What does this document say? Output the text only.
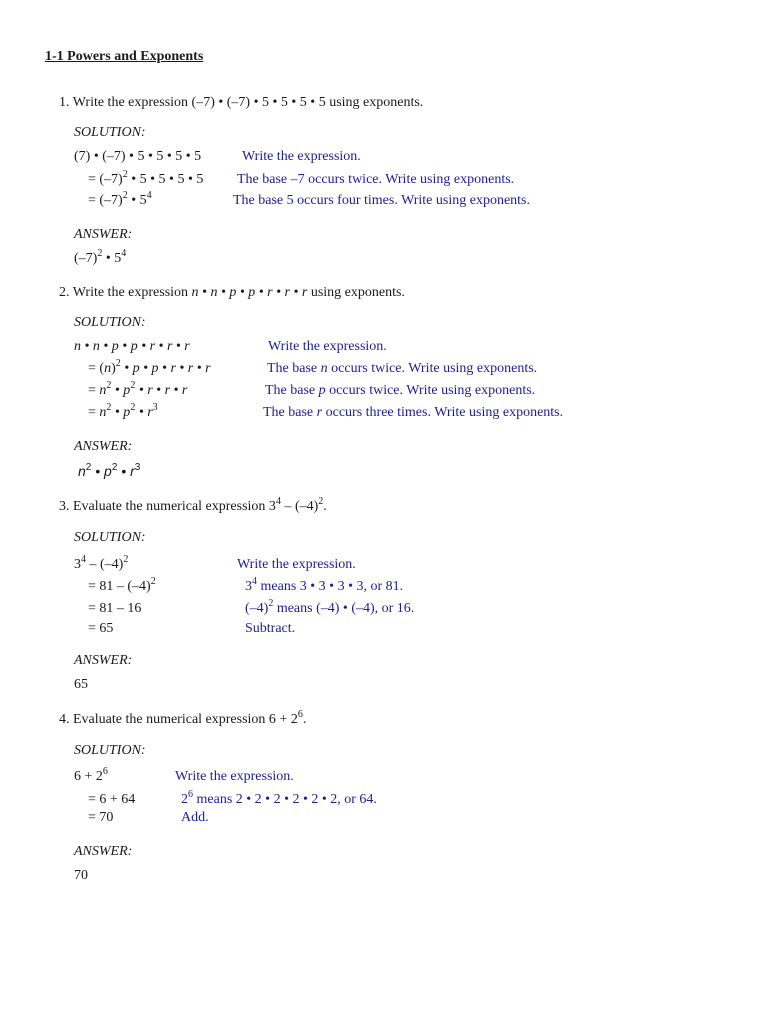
1-1 Powers and Exponents
1. Write the expression (–7) • (–7) • 5 • 5 • 5 • 5 using exponents.
SOLUTION:
(7) • (–7) • 5 • 5 • 5 • 5	Write the expression.
= $(-7)^2$ • 5 • 5 • 5 • 5 The base –7 occurs twice. Write using exponents.
= $(-7)^2$ • $5^4$	The base 5 occurs four times. Write using exponents.
ANSWER:
$(-7)^2$ • $5^4$
2. Write the expression n • n • p • p • r • r • r using exponents.
SOLUTION:
n • n • p • p • r • r • r	Write the expression.
= $(n)^2$ • p • p • r • r • r	The base n occurs twice. Write using exponents.
= $n^2$ • $p^2$ • r • r • r	The base p occurs twice. Write using exponents.
= $n^2$ • $p^2$ • $r^3$	The base r occurs three times. Write using exponents.
ANSWER:
$n^2$ • $p^2$ • $r^3$
3. Evaluate the numerical expression $3^4 - (-4)^2$.
SOLUTION:
$3^4 - (-4)^2$	Write the expression.
= $81 - (-4)^2$	$3^4$ means 3 • 3 • 3 • 3, or 81.
= 81 – 16	$(-4)^2$ means (–4) • (–4), or 16.
= 65	Subtract.
ANSWER:
65
4. Evaluate the numerical expression $6 + 2^6$.
SOLUTION:
$6 + 2^6$	Write the expression.
= 6 + 64	$2^6$ means 2 • 2 • 2 • 2 • 2 • 2, or 64.
= 70	Add.
ANSWER:
70
